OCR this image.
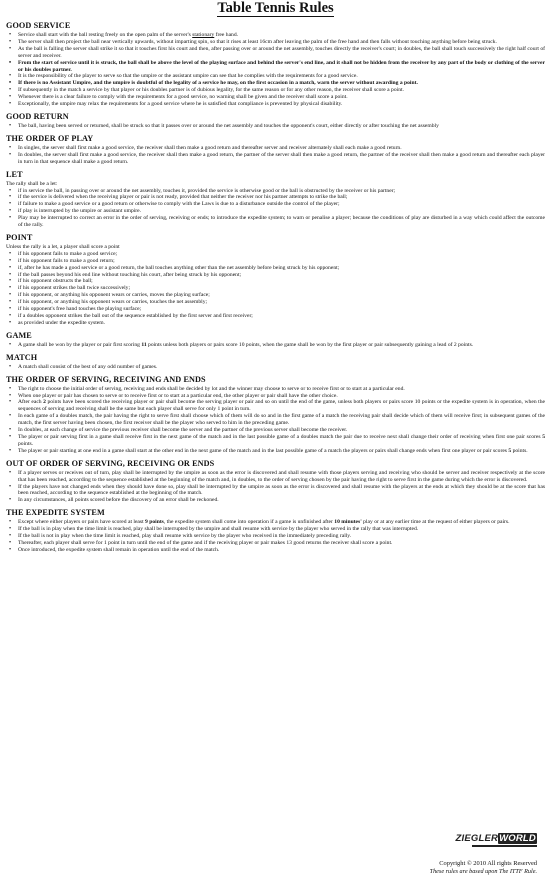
Table Tennis Rules
GOOD SERVICE
• Service shall start with the ball resting freely on the open palm of the server's stationary free hand.
• The server shall then project the ball near vertically upwards, without imparting spin, so that it rises at least 16cm after leaving the palm of the free hand and then falls without touching anything before being struck.
• As the ball is falling the server shall strike it so that it touches first his court and then, after passing over or around the net assembly, touches directly the receiver's court; in doubles, the ball shall touch successively the right half court of server and receiver.
• From the start of service until it is struck, the ball shall be above the level of the playing surface and behind the server's end line, and it shall not be hidden from the receiver by any part of the body or clothing of the server or his doubles partner.
• It is the responsibility of the player to serve so that the umpire or the assistant umpire can see that he complies with the requirements for a good service.
• If there is no Assistant Umpire, and the umpire is doubtful of the legality of a service he may, on the first occasion in a match, warn the server without awarding a point.
• If subsequently in the match a service by that player or his doubles partner is of dubious legality, for the same reason or for any other reason, the receiver shall score a point.
• Whenever there is a clear failure to comply with the requirements for a good service, no warning shall be given and the receiver shall score a point.
• Exceptionally, the umpire may relax the requirements for a good service where he is satisfied that compliance is prevented by physical disability.
GOOD RETURN
• The ball, having been served or returned, shall be struck so that it passes over or around the net assembly and touches the opponent's court, either directly or after touching the net assembly
THE ORDER OF PLAY
• In singles, the server shall first make a good service, the receiver shall then make a good return and thereafter server and receiver alternately shall each make a good return.
• In doubles, the server shall first make a good service, the receiver shall then make a good return, the partner of the server shall then make a good return, the partner of the receiver shall then make a good return and thereafter each player in turn in that sequence shall make a good return.
LET

The rally shall be a let:

• if in service the ball, in passing over or around the net assembly, touches it, provided the service is otherwise good or the ball is obstructed by the receiver or his partner;
• if the service is delivered when the receiving player or pair is not ready, provided that neither the receiver nor his partner attempts to strike the ball;
• if failure to make a good service or a good return or otherwise to comply with the Laws is due to a disturbance outside the control of the player;
• if play is interrupted by the umpire or assistant umpire.
• Play may be interrupted to correct an error in the order of serving, receiving or ends; to introduce the expedite system; to warn or penalise a player; because the conditions of play are disturbed in a way which could affect the outcome of the rally.
POINT

Unless the rally is a let, a player shall score a point

• if his opponent fails to make a good service;
• if his opponent fails to make a good return;
• if, after he has made a good service or a good return, the ball touches anything other than the net assembly before being struck by his opponent;
• if the ball passes beyond his end line without touching his court, after being struck by his opponent;
• if his opponent obstructs the ball;
• if his opponent strikes the ball twice successively;
• if his opponent, or anything his opponent wears or carries, moves the playing surface;
• if his opponent, or anything his opponent wears or carries, touches the net assembly;
• if his opponent's free hand touches the playing surface;
• if a doubles opponent strikes the ball out of the sequence established by the first server and first receiver;
• as provided under the expedite system.
GAME
• A game shall be won by the player or pair first scoring 11 points unless both players or pairs score 10 points, when the game shall be won by the first player or pair subsequently gaining a lead of 2 points.
MATCH
• A match shall consist of the best of any odd number of games.
THE ORDER OF SERVING, RECEIVING AND ENDS
• The right to choose the initial order of serving, receiving and ends shall be decided by lot and the winner may choose to serve or to receive first or to start at a particular end.
• When one player or pair has chosen to serve or to receive first or to start at a particular end, the other player or pair shall have the other choice.
• After each 2 points have been scored the receiving player or pair shall become the serving player or pair and so on until the end of the game, unless both players or pairs score 10 points or the expedite system is in operation, when the sequences of serving and receiving shall be the same but each player shall serve for only 1 point in turn.
• In each game of a doubles match, the pair having the right to serve first shall choose which of them will do so and in the first game of a match the receiving pair shall decide which of them will receive first; in subsequent games of the match, the first server having been chosen, the first receiver shall be the player who served to him in the preceding game.
• In doubles, at each change of service the previous receiver shall become the server and the partner of the previous server shall become the receiver.
• The player or pair serving first in a game shall receive first in the next game of the match and in the last possible game of a doubles match the pair due to receive next shall change their order of receiving when first one pair scores 5 points.
• The player or pair starting at one end in a game shall start at the other end in the next game of the match and in the last possible game of a match the players or pairs shall change ends when first one player or pair scores 5 points.
OUT OF ORDER OF SERVING, RECEIVING OR ENDS
• If a player serves or receives out of turn, play shall be interrupted by the umpire as soon as the error is discovered and shall resume with those players serving and receiving who should be server and receiver respectively at the score that has been reached, according to the sequence established at the beginning of the match and, in doubles, to the order of serving chosen by the pair having the right to serve first in the game during which the error is discovered.
• If the players have not changed ends when they should have done so, play shall be interrupted by the umpire as soon as the error is discovered and shall resume with the players at the ends at which they should be at the score that has been reached, according to the sequence established at the beginning of the match.
• In any circumstances, all points scored before the discovery of an error shall be reckoned.
THE EXPEDITE SYSTEM
• Except where either players or pairs have scored at least 9 points, the expedite system shall come into operation if a game is unfinished after 10 minutes' play or at any earlier time at the request of either players or pairs.
• If the ball is in play when the time limit is reached, play shall be interrupted by the umpire and shall resume with service by the player who served in the rally that was interrupted.
• If the ball is not in play when the time limit is reached, play shall resume with service by the player who received in the immediately preceding rally.
• Thereafter, each player shall serve for 1 point in turn until the end of the game and if the receiving player or pair makes 13 good returns the receiver shall score a point.
• Once introduced, the expedite system shall remain in operation until the end of the match.
ZIEGLERWORLD
Copyright © 2010 All rights Reserved
These rules are based upon The ITTF Rule.
